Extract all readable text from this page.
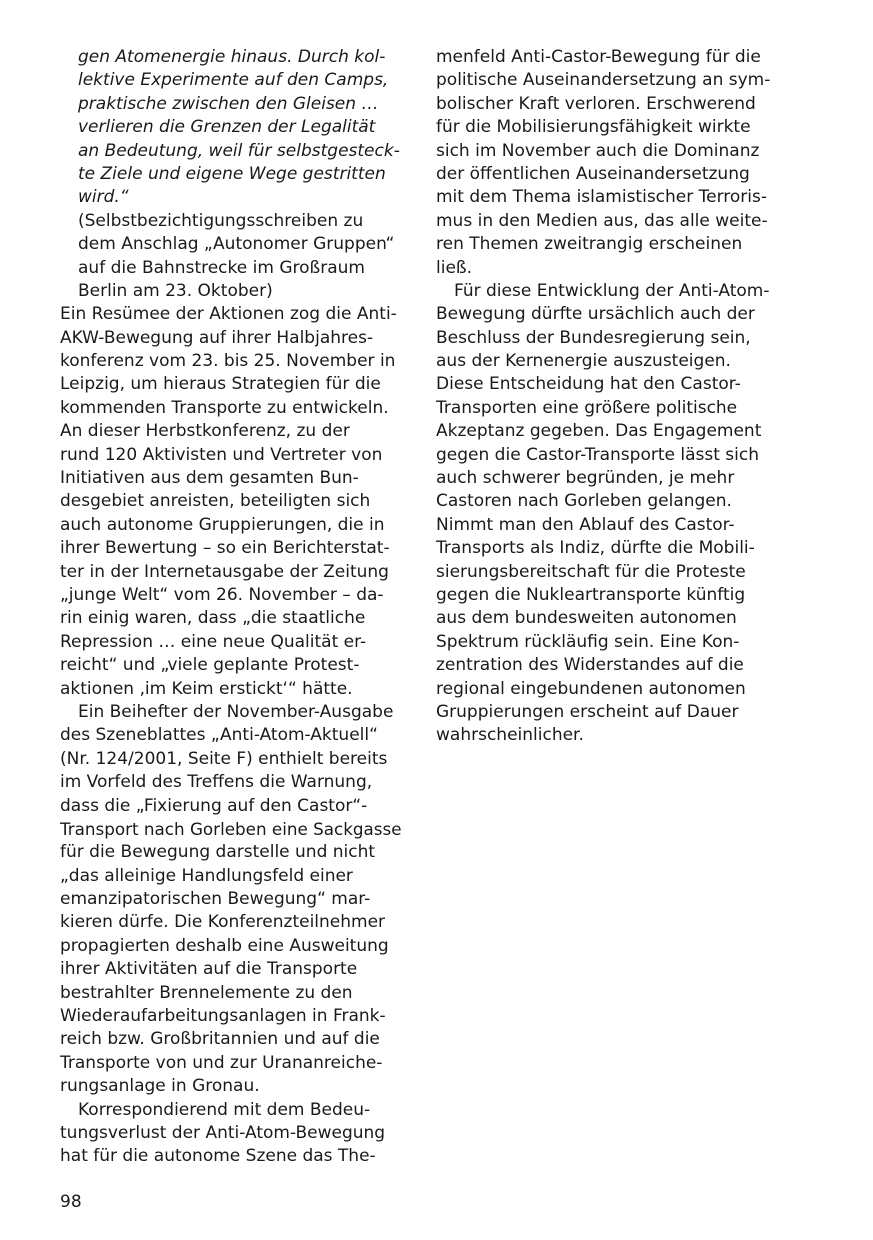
gen Atomenergie hinaus. Durch kol-
lektive Experimente auf den Camps,
praktische zwischen den Gleisen …
verlieren die Grenzen der Legalität
an Bedeutung, weil für selbstgesteck-
te Ziele und eigene Wege gestritten
wird.“
(Selbstbezichtigungsschreiben zu
dem Anschlag „Autonomer Gruppen“
auf die Bahnstrecke im Großraum
Berlin am 23. Oktober)
Ein Resümee der Aktionen zog die Anti-
AKW-Bewegung auf ihrer Halbjahres-
konferenz vom 23. bis 25. November in
Leipzig, um hieraus Strategien für die
kommenden Transporte zu entwickeln.
An dieser Herbstkonferenz, zu der
rund 120 Aktivisten und Vertreter von
Initiativen aus dem gesamten Bun-
desgebiet anreisten, beteiligten sich
auch autonome Gruppierungen, die in
ihrer Bewertung – so ein Berichterstat-
ter in der Internetausgabe der Zeitung
„junge Welt“ vom 26. November – da-
rin einig waren, dass „die staatliche
Repression … eine neue Qualität er-
reicht“ und „viele geplante Protest-
aktionen ‚im Keim erstickt‘“ hätte.
Ein Beihefter der November-Ausgabe
des Szeneblattes „Anti-Atom-Aktuell“
(Nr. 124/2001, Seite F) enthielt bereits
im Vorfeld des Treffens die Warnung,
dass die „Fixierung auf den Castor“-
Transport nach Gorleben eine Sackgasse
für die Bewegung darstelle und nicht
„das alleinige Handlungsfeld einer
emanzipatorischen Bewegung“ mar-
kieren dürfe. Die Konferenzteilnehmer
propagierten deshalb eine Ausweitung
ihrer Aktivitäten auf die Transporte
bestrahlter Brennelemente zu den
Wiederaufarbeitungsanlagen in Frank-
reich bzw. Großbritannien und auf die
Transporte von und zur Urananreiche-
rungsanlage in Gronau.
Korrespondierend mit dem Bedeu-
tungsverlust der Anti-Atom-Bewegung
hat für die autonome Szene das The-
menfeld Anti-Castor-Bewegung für die
politische Auseinandersetzung an sym-
bolischer Kraft verloren. Erschwerend
für die Mobilisierungsfähigkeit wirkte
sich im November auch die Dominanz
der öffentlichen Auseinandersetzung
mit dem Thema islamistischer Terroris-
mus in den Medien aus, das alle weite-
ren Themen zweitrangig erscheinen
ließ.
Für diese Entwicklung der Anti-Atom-
Bewegung dürfte ursächlich auch der
Beschluss der Bundesregierung sein,
aus der Kernenergie auszusteigen.
Diese Entscheidung hat den Castor-
Transporten eine größere politische
Akzeptanz gegeben. Das Engagement
gegen die Castor-Transporte lässt sich
auch schwerer begründen, je mehr
Castoren nach Gorleben gelangen.
Nimmt man den Ablauf des Castor-
Transports als Indiz, dürfte die Mobili-
sierungsbereitschaft für die Proteste
gegen die Nukleartransporte künftig
aus dem bundesweiten autonomen
Spektrum rückläufig sein. Eine Kon-
zentration des Widerstandes auf die
regional eingebundenen autonomen
Gruppierungen erscheint auf Dauer
wahrscheinlicher.
98
